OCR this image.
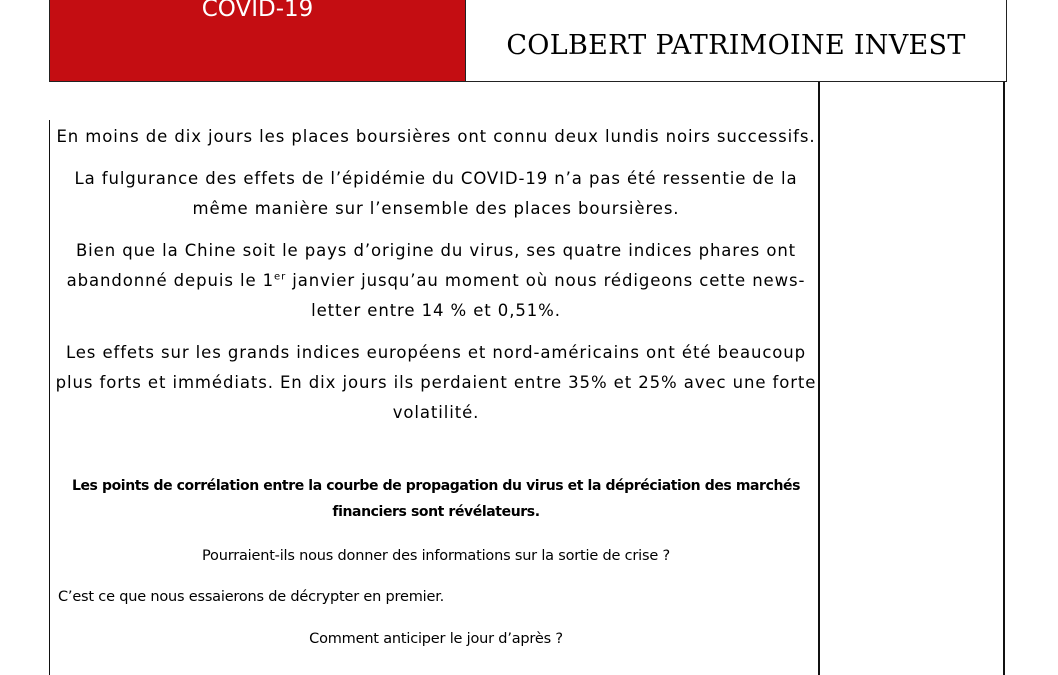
COVID-19
COLBERT PATRIMOINE INVEST

En moins de dix jours les places boursières ont connu deux lundis noirs successifs.

La fulgurance des effets de l’épidémie du COVID-19 n’a pas été ressentie de la même manière sur l’ensemble des places boursières.

Bien que la Chine soit le pays d’origine du virus, ses quatre indices phares ont abandonné depuis le 1er janvier jusqu’au moment où nous rédigeons cette news-letter entre 14 % et 0,51%.

Les effets sur les grands indices européens et nord-américains ont été beaucoup plus forts et immédiats. En dix jours ils perdaient entre 35% et 25% avec une forte volatilité.

Les points de corrélation entre la courbe de propagation du virus et la dépréciation des marchés financiers sont révélateurs.

Pourraient-ils nous donner des informations sur la sortie de crise ?

C’est ce que nous essaierons de décrypter en premier.

Comment anticiper le jour d’après ?
